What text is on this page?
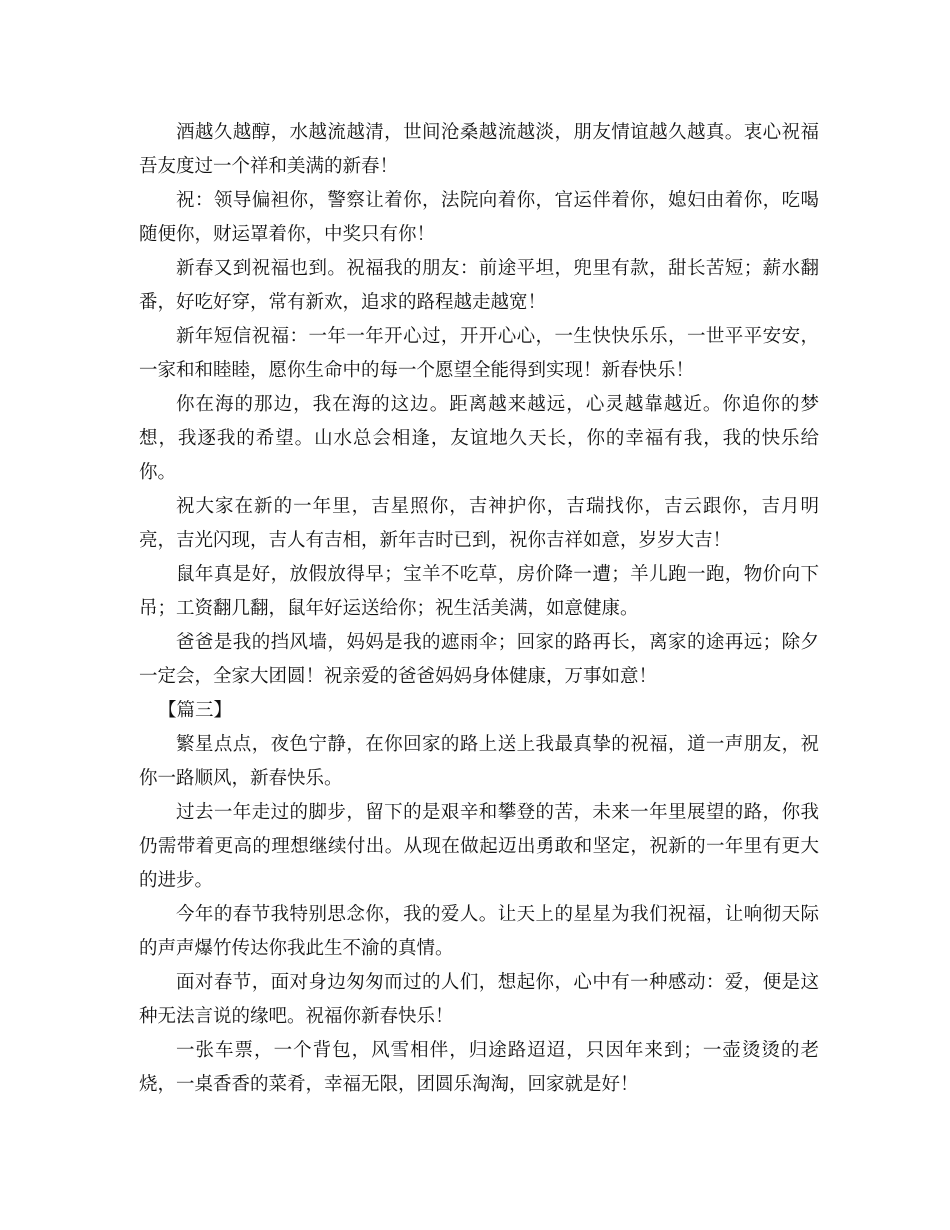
酒越久越醇，水越流越清，世间沧桑越流越淡，朋友情谊越久越真。衷心祝福吾友度过一个祥和美满的新春！

祝：领导偏袒你，警察让着你，法院向着你，官运伴着你，媳妇由着你，吃喝随便你，财运罩着你，中奖只有你！

新春又到祝福也到。祝福我的朋友：前途平坦，兜里有款，甜长苦短；薪水翻番，好吃好穿，常有新欢，追求的路程越走越宽！

新年短信祝福：一年一年开心过，开开心心，一生快快乐乐，一世平平安安，一家和和睦睦，愿你生命中的每一个愿望全能得到实现！新春快乐！

你在海的那边，我在海的这边。距离越来越远，心灵越靠越近。你追你的梦想，我逐我的希望。山水总会相逢，友谊地久天长，你的幸福有我，我的快乐给你。

祝大家在新的一年里，吉星照你，吉神护你，吉瑞找你，吉云跟你，吉月明亮，吉光闪现，吉人有吉相，新年吉时已到，祝你吉祥如意，岁岁大吉！

鼠年真是好，放假放得早；宝羊不吃草，房价降一遭；羊儿跑一跑，物价向下吊；工资翻几翻，鼠年好运送给你；祝生活美满，如意健康。

爸爸是我的挡风墙，妈妈是我的遮雨伞；回家的路再长，离家的途再远；除夕一定会，全家大团圆！祝亲爱的爸爸妈妈身体健康，万事如意！

【篇三】

繁星点点，夜色宁静，在你回家的路上送上我最真挚的祝福，道一声朋友，祝你一路顺风，新春快乐。

过去一年走过的脚步，留下的是艰辛和攀登的苦，未来一年里展望的路，你我仍需带着更高的理想继续付出。从现在做起迈出勇敢和坚定，祝新的一年里有更大的进步。

今年的春节我特别思念你，我的爱人。让天上的星星为我们祝福，让响彻天际的声声爆竹传达你我此生不渝的真情。

面对春节，面对身边匆匆而过的人们，想起你，心中有一种感动：爱，便是这种无法言说的缘吧。祝福你新春快乐！

一张车票，一个背包，风雪相伴，归途路迢迢，只因年来到；一壶烫烫的老烧，一桌香香的菜肴，幸福无限，团圆乐淘淘，回家就是好！
